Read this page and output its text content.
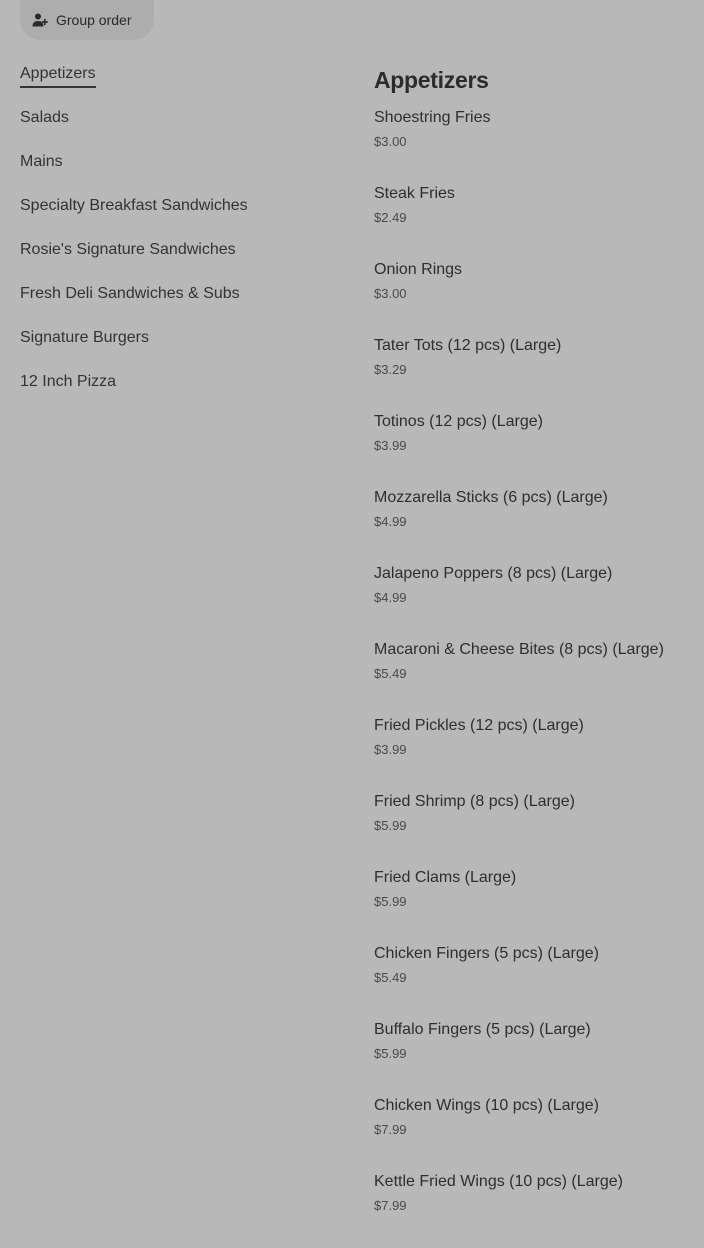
Group order
Appetizers
Salads
Mains
Specialty Breakfast Sandwiches
Rosie's Signature Sandwiches
Fresh Deli Sandwiches & Subs
Signature Burgers
12 Inch Pizza
Appetizers
Shoestring Fries
$3.00
Steak Fries
$2.49
Onion Rings
$3.00
Tater Tots (12 pcs) (Large)
$3.29
Totinos (12 pcs) (Large)
$3.99
Mozzarella Sticks (6 pcs) (Large)
$4.99
Jalapeno Poppers (8 pcs) (Large)
$4.99
Macaroni & Cheese Bites (8 pcs) (Large)
$5.49
Fried Pickles (12 pcs) (Large)
$3.99
Fried Shrimp (8 pcs) (Large)
$5.99
Fried Clams (Large)
$5.99
Chicken Fingers (5 pcs) (Large)
$5.49
Buffalo Fingers (5 pcs) (Large)
$5.99
Chicken Wings (10 pcs) (Large)
$7.99
Kettle Fried Wings (10 pcs) (Large)
$7.99
